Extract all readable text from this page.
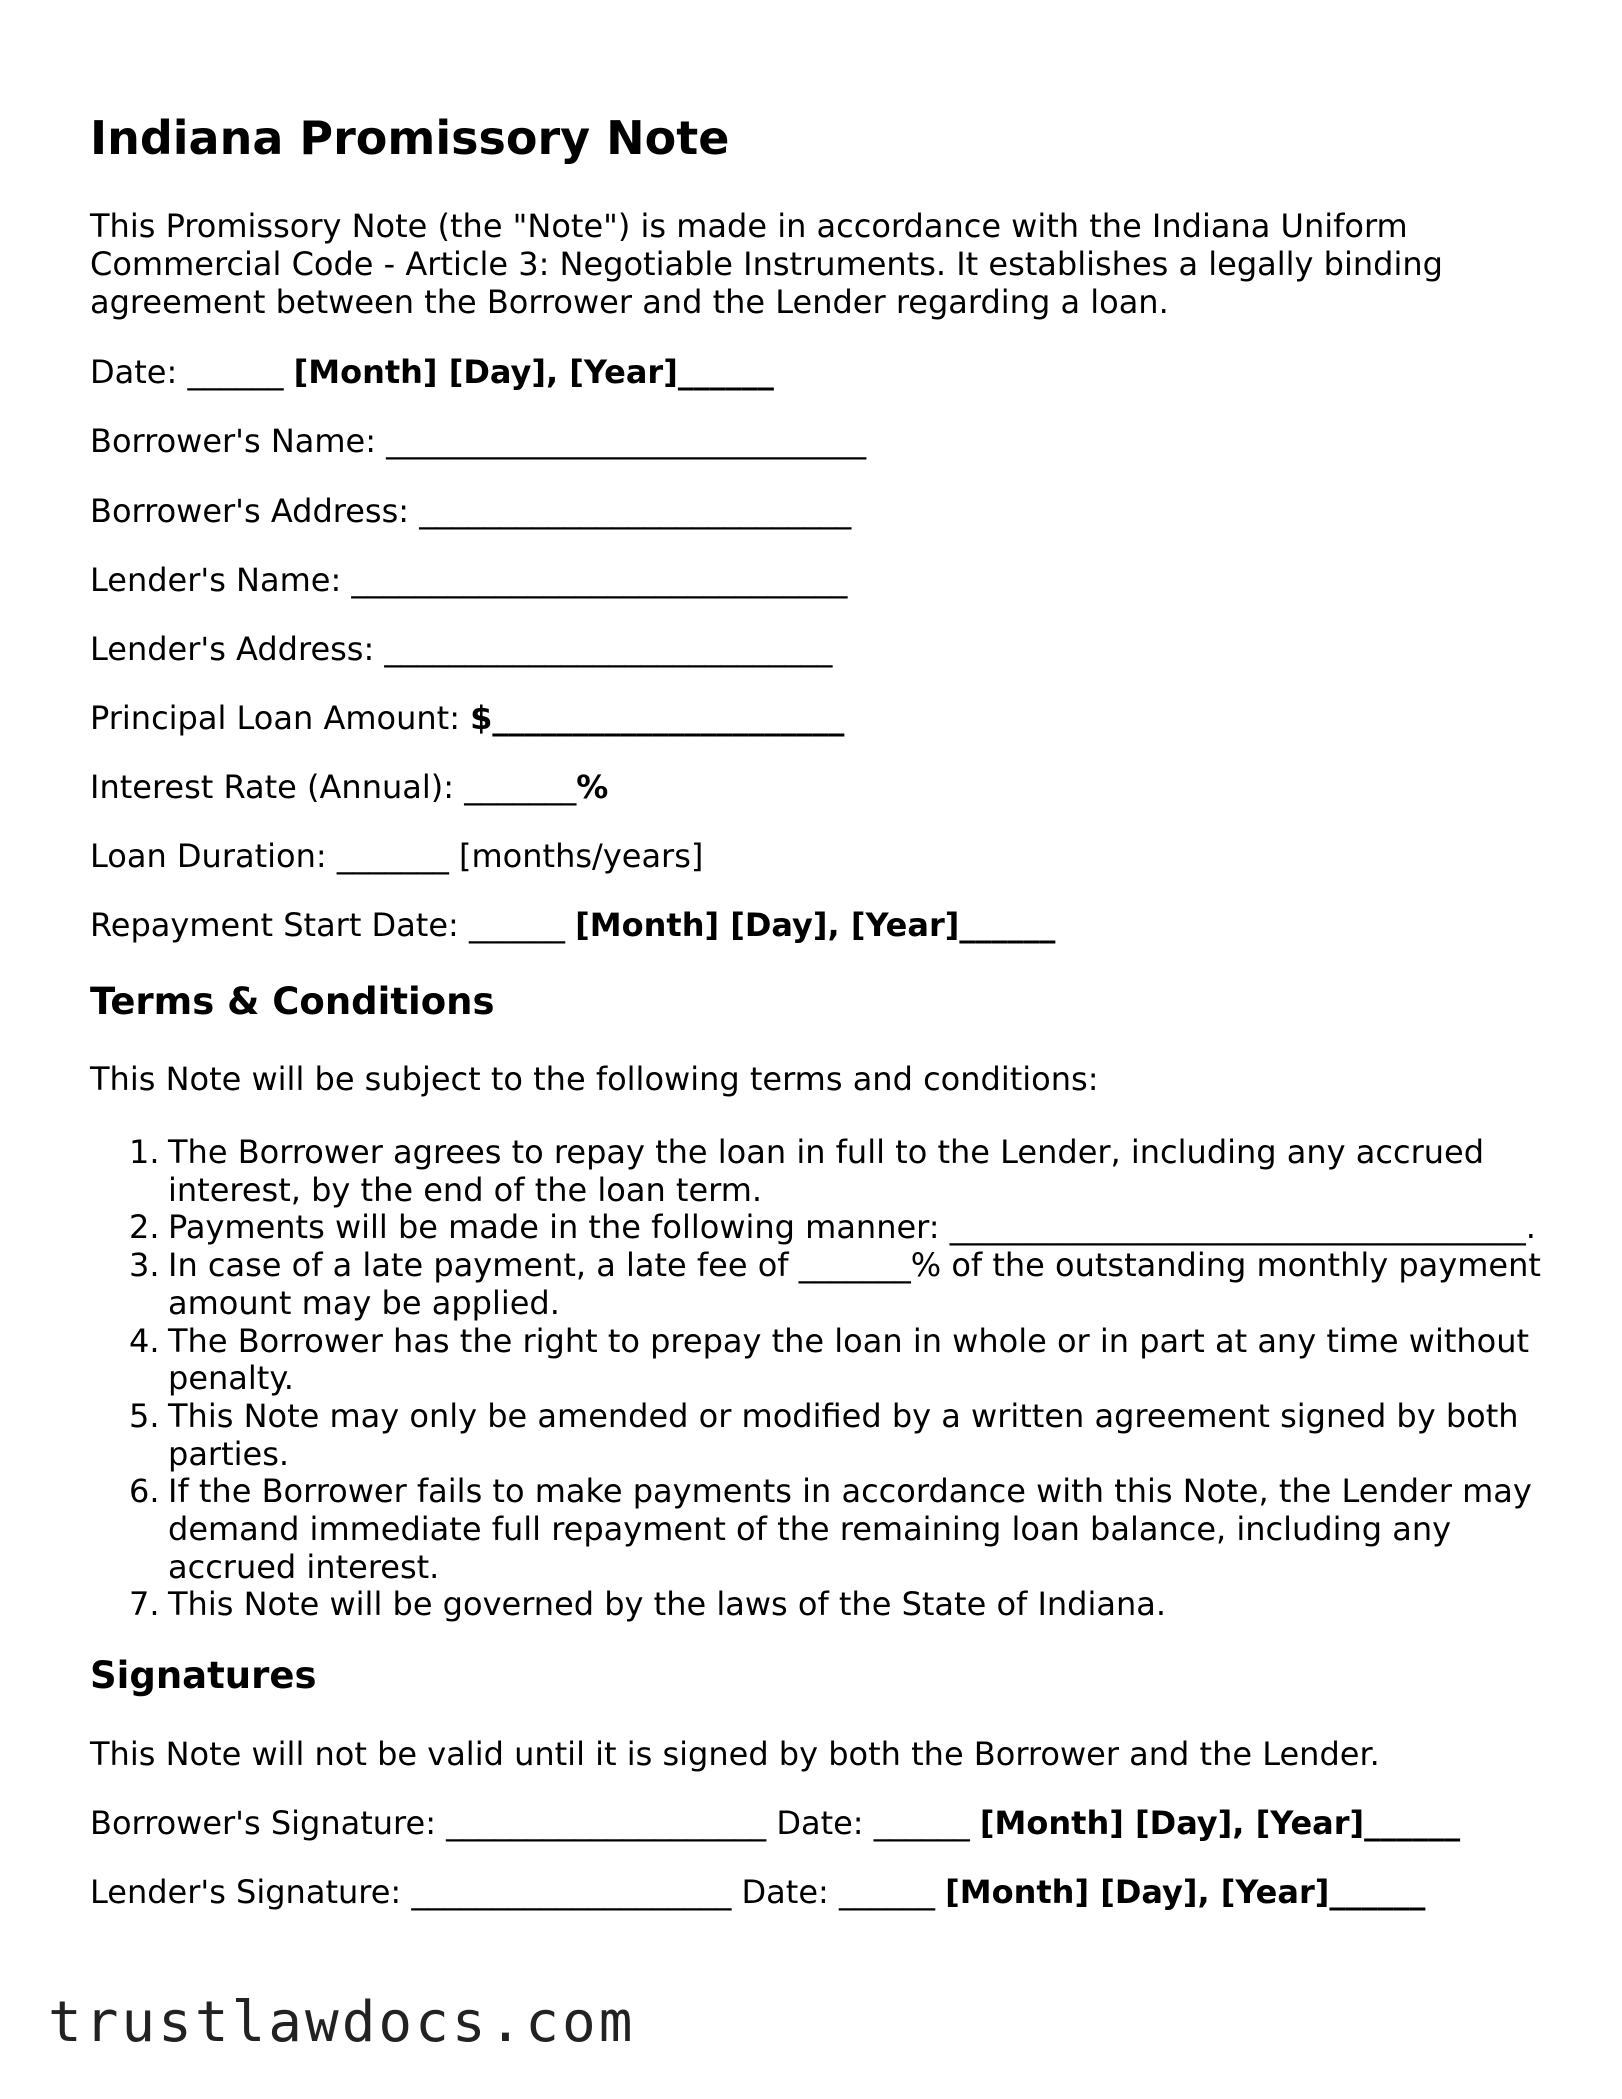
Indiana Promissory Note

This Promissory Note (the "Note") is made in accordance with the Indiana Uniform
Commercial Code - Article 3: Negotiable Instruments. It establishes a legally binding
agreement between the Borrower and the Lender regarding a loan.

Date: ______ [Month] [Day], [Year]______

Borrower's Name: ______________________________

Borrower's Address: ___________________________

Lender's Name: _______________________________

Lender's Address: ____________________________

Principal Loan Amount: $______________________

Interest Rate (Annual): _______%

Loan Duration: _______ [months/years]

Repayment Start Date: ______ [Month] [Day], [Year]______

Terms & Conditions

This Note will be subject to the following terms and conditions:

1. The Borrower agrees to repay the loan in full to the Lender, including any accrued
interest, by the end of the loan term.
2. Payments will be made in the following manner: ____________________________________.
3. In case of a late payment, a late fee of _______% of the outstanding monthly payment
amount may be applied.
4. The Borrower has the right to prepay the loan in whole or in part at any time without
penalty.
5. This Note may only be amended or modified by a written agreement signed by both
parties.
6. If the Borrower fails to make payments in accordance with this Note, the Lender may
demand immediate full repayment of the remaining loan balance, including any
accrued interest.
7. This Note will be governed by the laws of the State of Indiana.
Signatures

This Note will not be valid until it is signed by both the Borrower and the Lender.

Borrower's Signature: ____________________ Date: ______ [Month] [Day], [Year]______

Lender's Signature: ____________________ Date: ______ [Month] [Day], [Year]______

trustlawdocs.com
